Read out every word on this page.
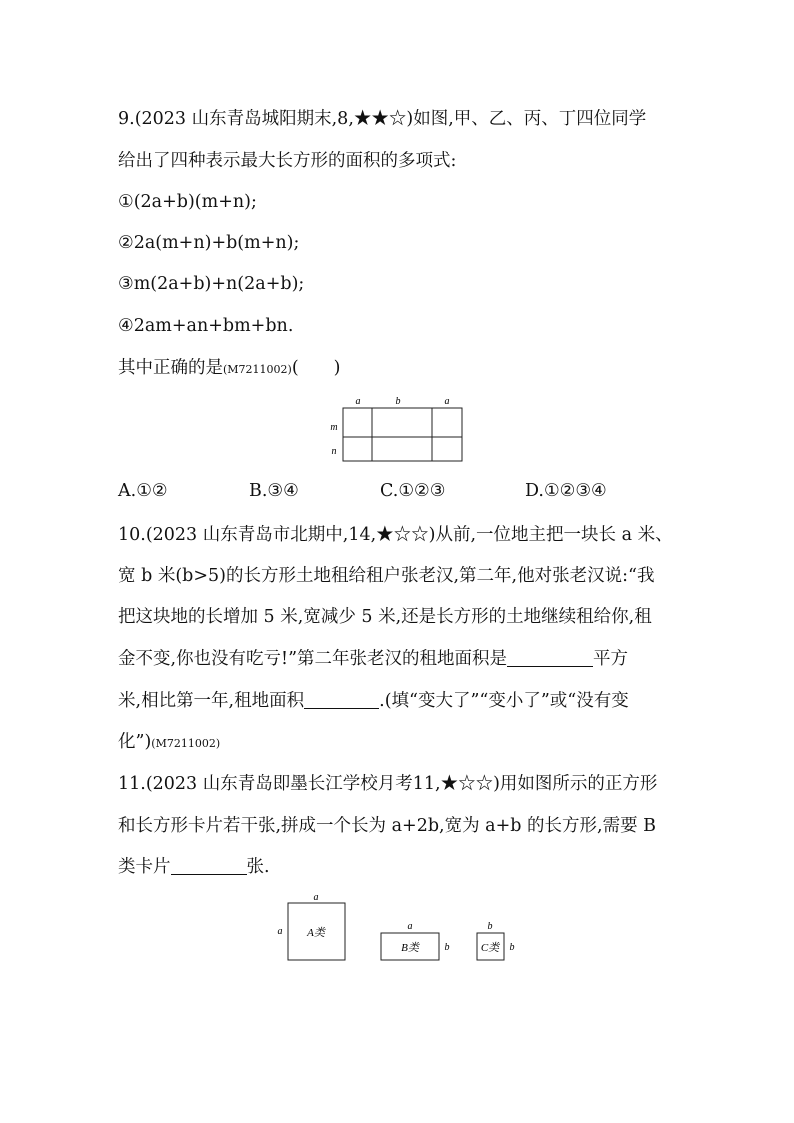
9.(2023 山东青岛城阳期末,8,★★☆)如图,甲、乙、丙、丁四位同学
给出了四种表示最大长方形的面积的多项式:
①(2a+b)(m+n);
②2a(m+n)+b(m+n);
③m(2a+b)+n(2a+b);
④2am+an+bm+bn.
其中正确的是(M7211002)(　　)
a	b	a
m
n
A.①②	B.③④	C.①②③	D.①②③④
10.(2023 山东青岛市北期中,14,★☆☆)从前,一位地主把一块长 a 米、
宽 b 米(b>5)的长方形土地租给租户张老汉,第二年,他对张老汉说:“我
把这块地的长增加 5 米,宽减少 5 米,还是长方形的土地继续租给你,租
金不变,你也没有吃亏!”第二年张老汉的租地面积是	平方
米,相比第一年,租地面积	.(填“变大了”“变小了”或“没有变
化”)(M7211002)
11.(2023 山东青岛即墨长江学校月考11,★☆☆)用如图所示的正方形
和长方形卡片若干张,拼成一个长为 a+2b,宽为 a+b 的长方形,需要 B
类卡片	张.
a
a A类
a
B类	b
b
C类 b
